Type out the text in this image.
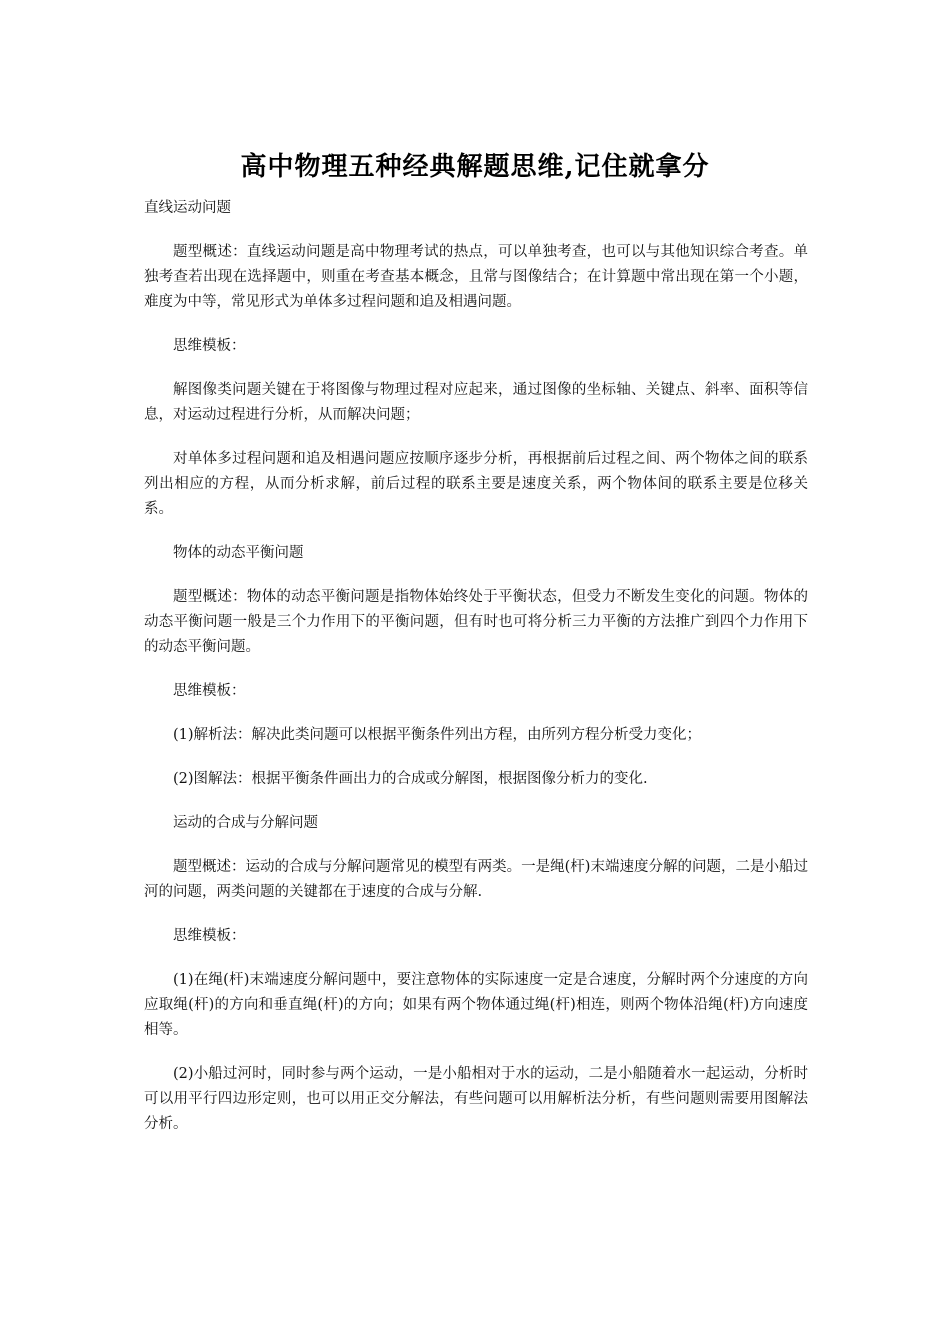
高中物理五种经典解题思维,记住就拿分

直线运动问题

题型概述：直线运动问题是高中物理考试的热点，可以单独考查，也可以与其他知识综合考查。单独考查若出现在选择题中，则重在考查基本概念，且常与图像结合；在计算题中常出现在第一个小题，难度为中等，常见形式为单体多过程问题和追及相遇问题。

思维模板：

解图像类问题关键在于将图像与物理过程对应起来，通过图像的坐标轴、关键点、斜率、面积等信息，对运动过程进行分析，从而解决问题；

对单体多过程问题和追及相遇问题应按顺序逐步分析，再根据前后过程之间、两个物体之间的联系列出相应的方程，从而分析求解，前后过程的联系主要是速度关系，两个物体间的联系主要是位移关系。

物体的动态平衡问题

题型概述：物体的动态平衡问题是指物体始终处于平衡状态，但受力不断发生变化的问题。物体的动态平衡问题一般是三个力作用下的平衡问题，但有时也可将分析三力平衡的方法推广到四个力作用下的动态平衡问题。

思维模板：

(1)解析法：解决此类问题可以根据平衡条件列出方程，由所列方程分析受力变化；

(2)图解法：根据平衡条件画出力的合成或分解图，根据图像分析力的变化.

运动的合成与分解问题

题型概述：运动的合成与分解问题常见的模型有两类。一是绳(杆)末端速度分解的问题，二是小船过河的问题，两类问题的关键都在于速度的合成与分解.

思维模板：

(1)在绳(杆)末端速度分解问题中，要注意物体的实际速度一定是合速度，分解时两个分速度的方向应取绳(杆)的方向和垂直绳(杆)的方向；如果有两个物体通过绳(杆)相连，则两个物体沿绳(杆)方向速度相等。

(2)小船过河时，同时参与两个运动，一是小船相对于水的运动，二是小船随着水一起运动，分析时可以用平行四边形定则，也可以用正交分解法，有些问题可以用解析法分析，有些问题则需要用图解法分析。
